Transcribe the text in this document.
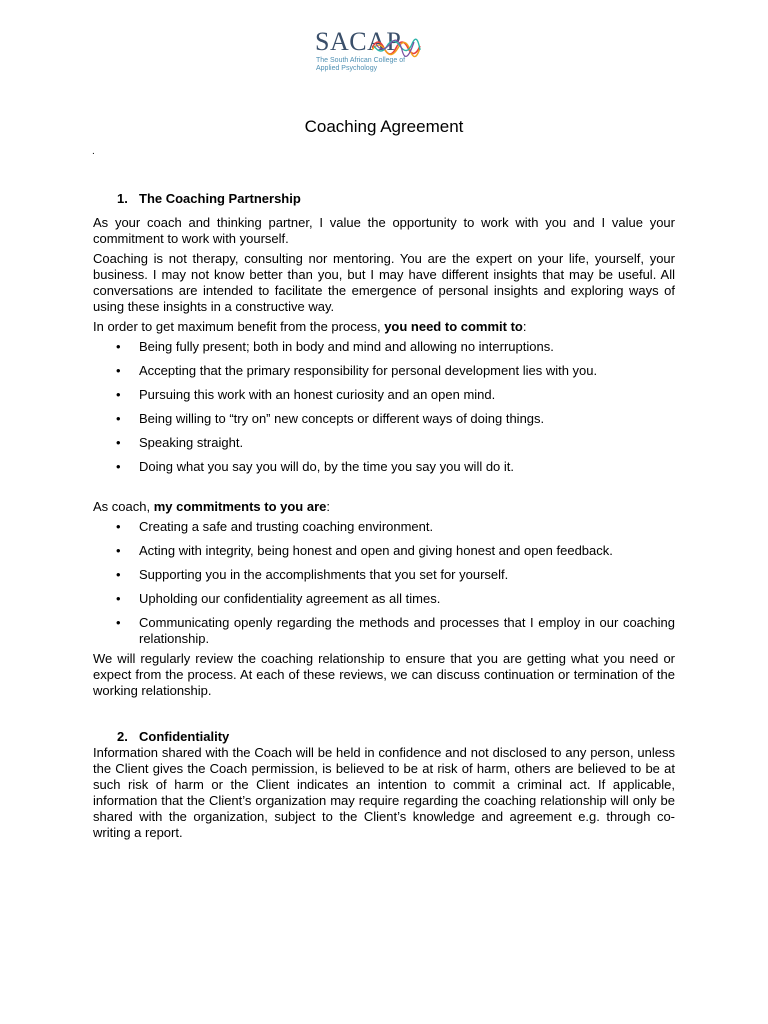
SACAP
The South African College of Applied Psychology
Coaching Agreement
.
1. The Coaching Partnership

As your coach and thinking partner, I value the opportunity to work with you and I value your commitment to work with yourself.

Coaching is not therapy, consulting nor mentoring. You are the expert on your life, yourself, your business. I may not know better than you, but I may have different insights that may be useful. All conversations are intended to facilitate the emergence of personal insights and exploring ways of using these insights in a constructive way.

In order to get maximum benefit from the process, you need to commit to:

• Being fully present; both in body and mind and allowing no interruptions.
• Accepting that the primary responsibility for personal development lies with you.
• Pursuing this work with an honest curiosity and an open mind.
• Being willing to “try on” new concepts or different ways of doing things.
• Speaking straight.
• Doing what you say you will do, by the time you say you will do it.

As coach, my commitments to you are:

• Creating a safe and trusting coaching environment.
• Acting with integrity, being honest and open and giving honest and open feedback.
• Supporting you in the accomplishments that you set for yourself.
• Upholding our confidentiality agreement as all times.
• Communicating openly regarding the methods and processes that I employ in our coaching relationship.

We will regularly review the coaching relationship to ensure that you are getting what you need or expect from the process. At each of these reviews, we can discuss continuation or termination of the working relationship.

2. Confidentiality

Information shared with the Coach will be held in confidence and not disclosed to any person, unless the Client gives the Coach permission, is believed to be at risk of harm, others are believed to be at such risk of harm or the Client indicates an intention to commit a criminal act. If applicable, information that the Client’s organization may require regarding the coaching relationship will only be shared with the organization, subject to the Client’s knowledge and agreement e.g. through co-writing a report.
